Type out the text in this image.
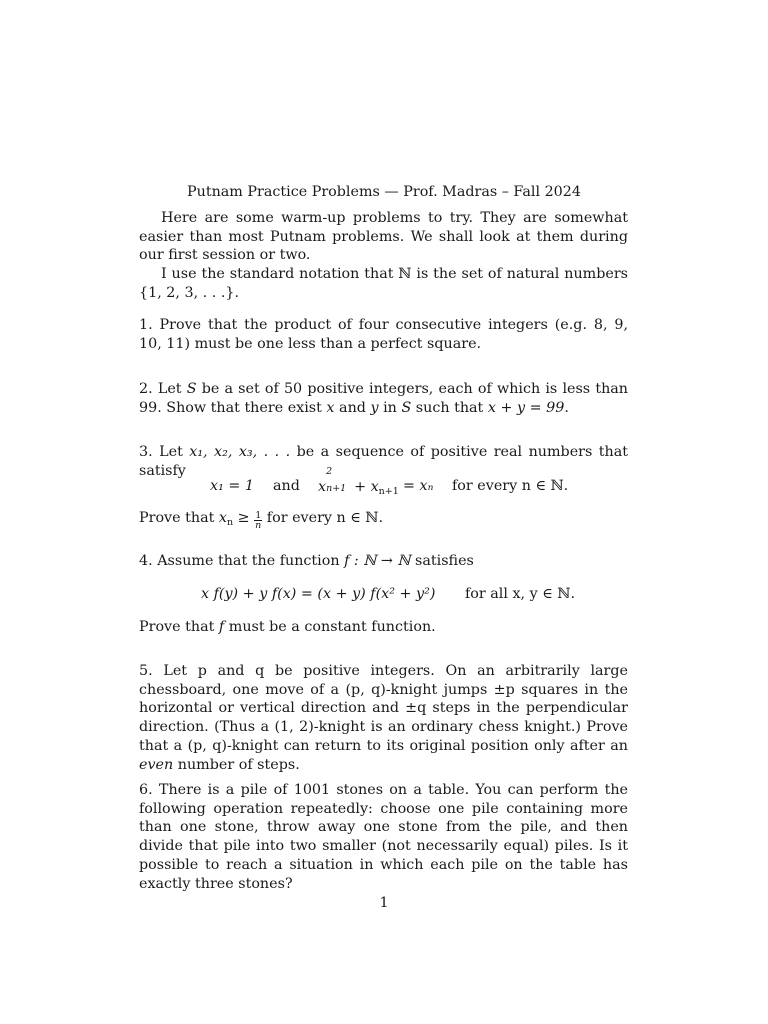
Putnam Practice Problems — Prof. Madras – Fall 2024

Here are some warm-up problems to try. They are somewhat easier than most Putnam problems. We shall look at them during our first session or two.

I use the standard notation that ℕ is the set of natural numbers {1, 2, 3, . . .}.

1. Prove that the product of four consecutive integers (e.g. 8, 9, 10, 11) must be one less than a perfect square.
2. Let S be a set of 50 positive integers, each of which is less than 99. Show that there exist x and y in S such that x + y = 99.
3. Let x₁, x₂, x₃, . . . be a sequence of positive real numbers that satisfy
x₁ = 1 and x
2
$n+1 + x_{n+1} = x_n$ for every n ∈ ℕ.
Prove that $x_n \ge \frac{1}{n}$ for every n ∈ ℕ.
4. Assume that the function f : ℕ → ℕ satisfies
x f(y) + y f(x) = (x + y) f(x² + y²) for all x, y ∈ ℕ.
Prove that f must be a constant function.
5. Let p and q be positive integers. On an arbitrarily large chessboard, one move of a (p, q)-knight jumps ±p squares in the horizontal or vertical direction and ±q steps in the perpendicular direction. (Thus a (1, 2)-knight is an ordinary chess knight.) Prove that a (p, q)-knight can return to its original position only after an even number of steps.
6. There is a pile of 1001 stones on a table. You can perform the following operation repeatedly: choose one pile containing more than one stone, throw away one stone from the pile, and then divide that pile into two smaller (not necessarily equal) piles. Is it possible to reach a situation in which each pile on the table has exactly three stones?
1
